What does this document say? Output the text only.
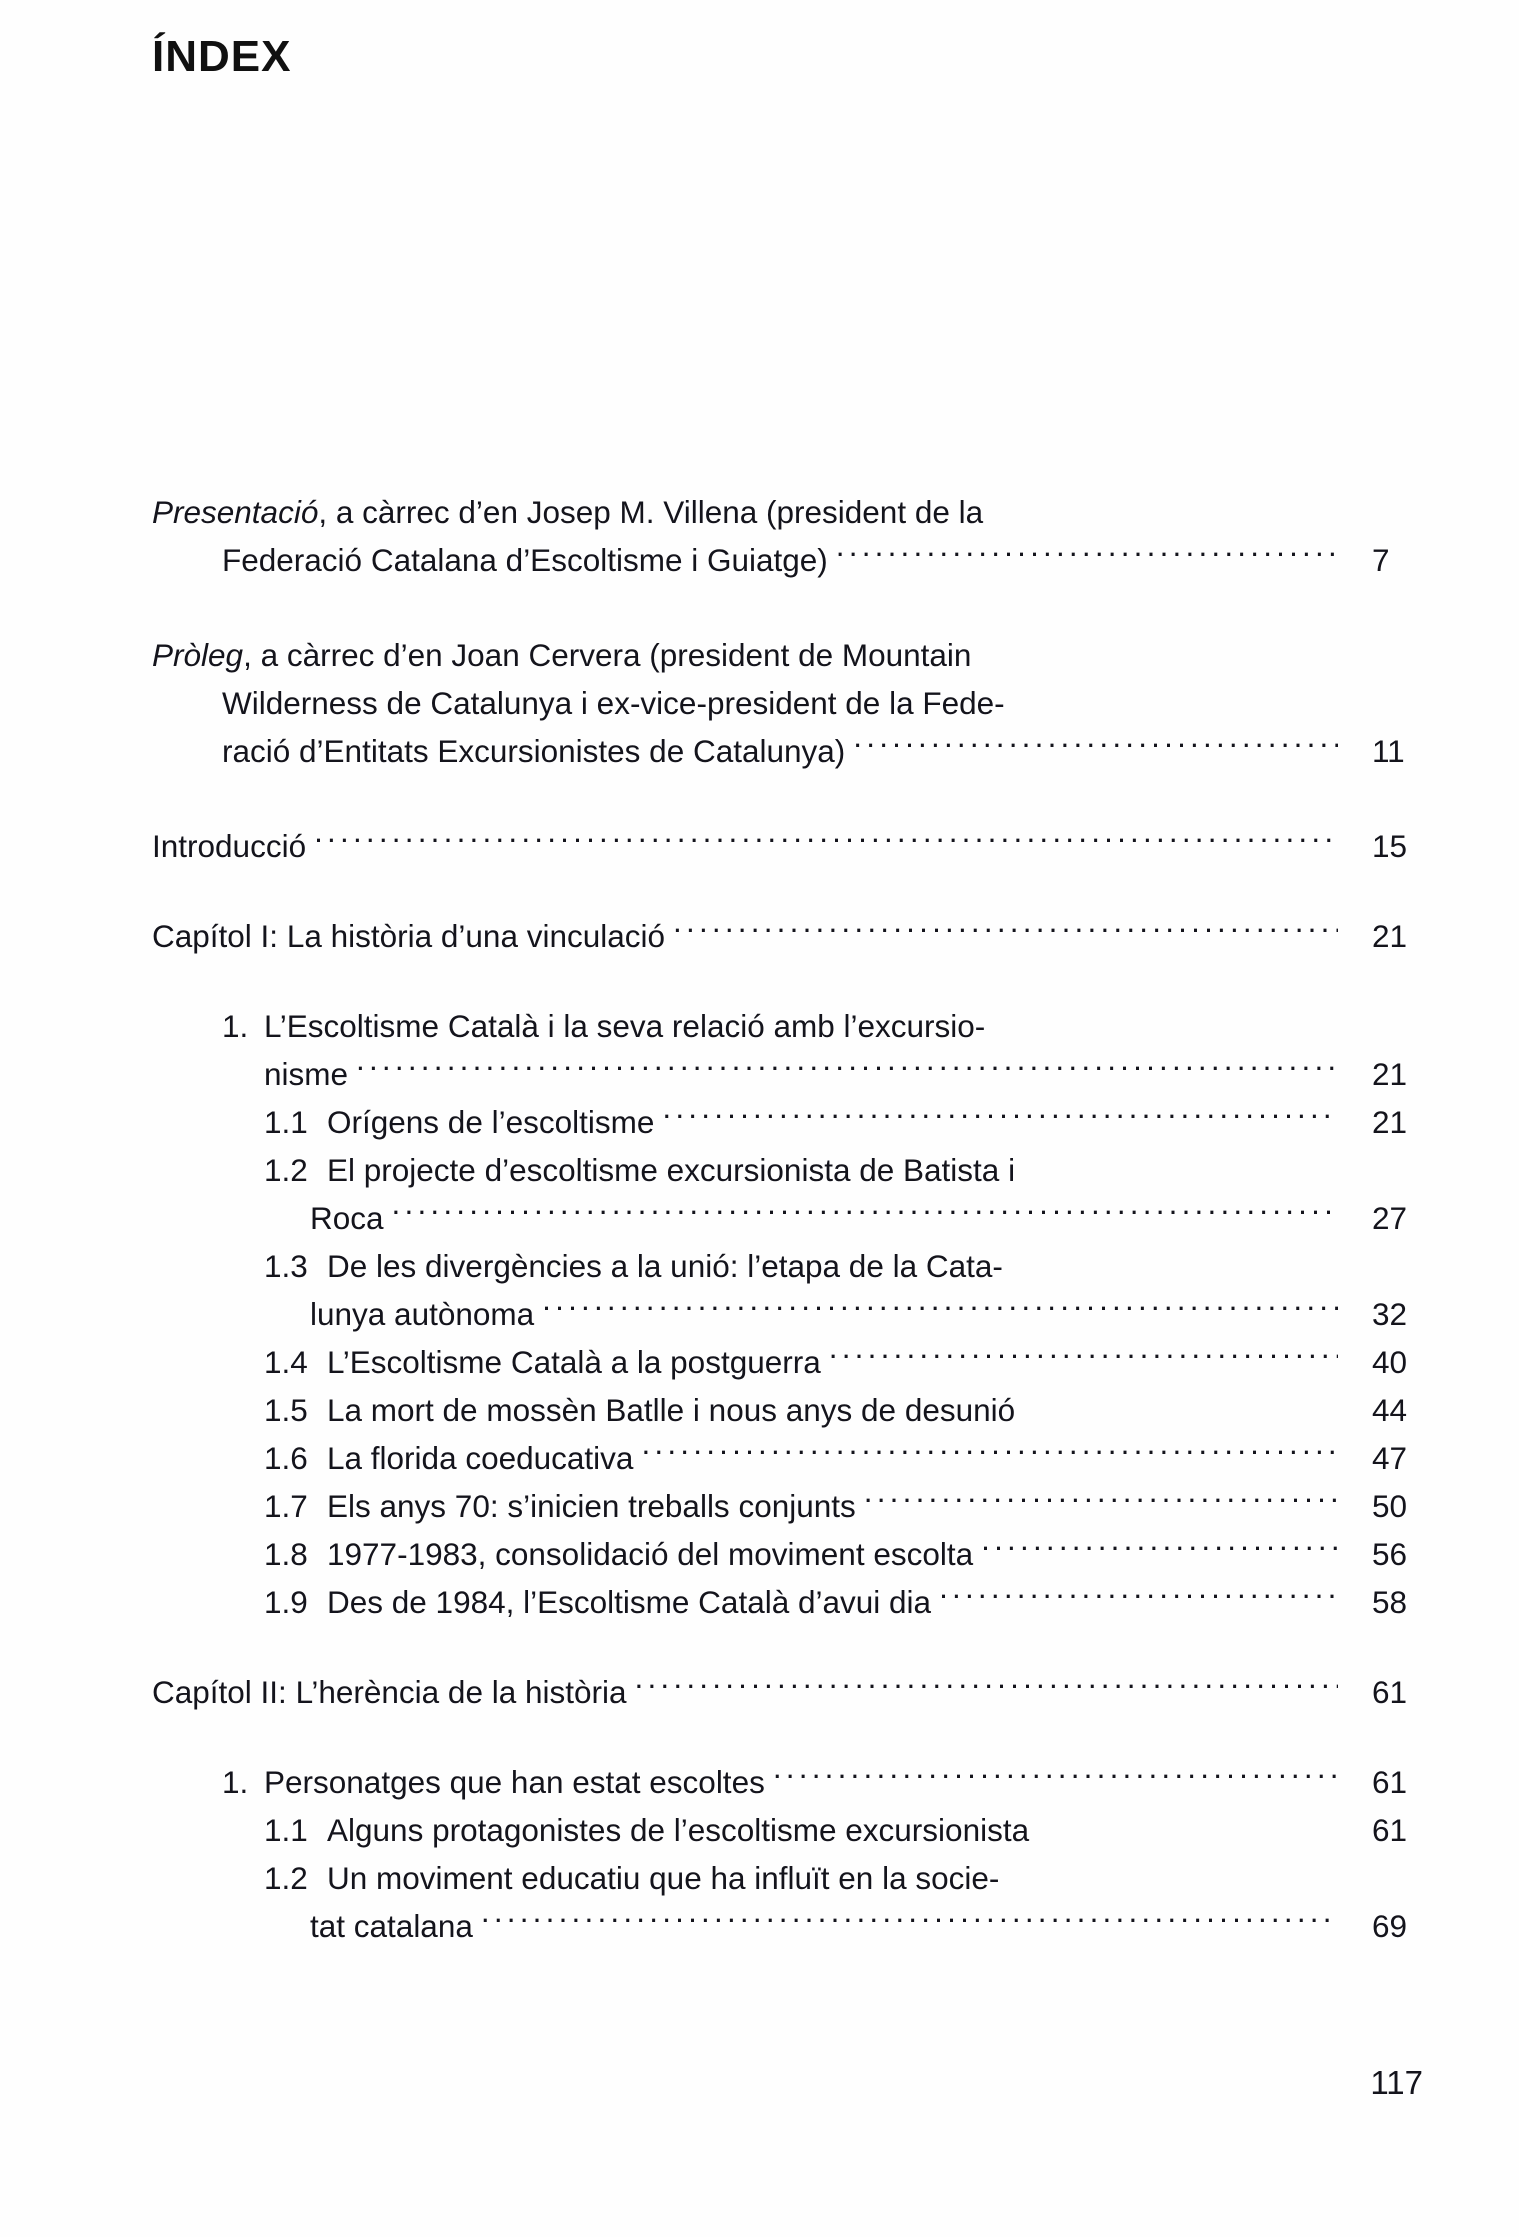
ÍNDEX
Presentació , a càrrec d’en Josep M. Villena (president de la
Federació Catalana d’Escoltisme i Guiatge) .....	7
Pròleg , a càrrec d’en Joan Cervera (president de Mountain
Wilderness de Catalunya i ex-vice-president de la Fede-
ració d’Entitats Excursionistes de Catalunya) .....	11
Introducció .....	15
Capítol I: La història d’una vinculació .....	21
1. L’Escoltisme Català i la seva relació amb l’excursio-
nisme .....	21
1.1 Orígens de l’escoltisme .....	21
1.2 El projecte d’escoltisme excursionista de Batista i
Roca .....	27
1.3 De les divergències a la unió: l’etapa de la Cata-
lunya autònoma .....	32
1.4 L’Escoltisme Català a la postguerra .....	40
1.5 La mort de mossèn Batlle i nous anys de desunió	44
1.6 La florida coeducativa .....	47
1.7 Els anys 70: s’inicien treballs conjunts .....	50
1.8 1977-1983, consolidació del moviment escolta .....	56
1.9 Des de 1984, l’Escoltisme Català d’avui dia .....	58
Capítol II: L’herència de la història .....	61
1. Personatges que han estat escoltes .....	61
1.1 Alguns protagonistes de l’escoltisme excursionista	61
1.2 Un moviment educatiu que ha influït en la socie-
tat catalana .....	69
117
